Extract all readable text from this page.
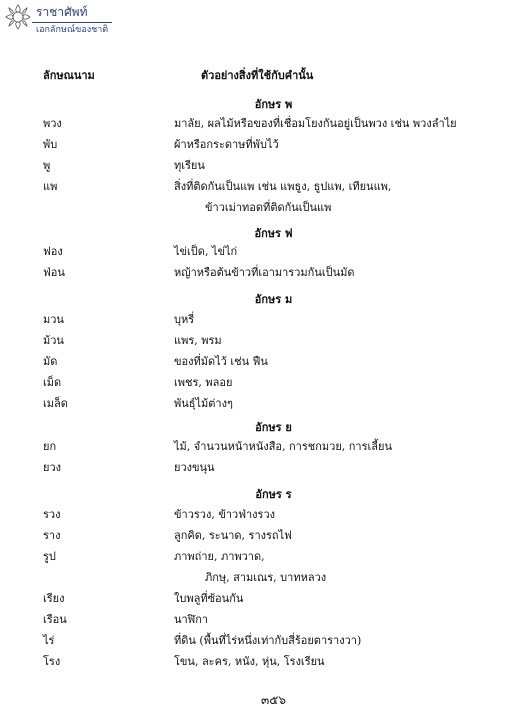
ราชาศัพท์
เอกลักษณ์ของชาติ
ลักษณนาม	ตัวอย่างสิ่งที่ใช้กับคำนั้น
อักษร พ
พวง	มาลัย, ผลไม้หรือของที่เชื่อมโยงกันอยู่เป็นพวง เช่น พวงลำไย
พับ	ผ้าหรือกระดาษที่พับไว้
พู	ทุเรียน
แพ	สิ่งที่ติดกันเป็นแพ เช่น แพธูง, ธูปแพ, เทียนแพ,
ข้าวเม่าทอดที่ติดกันเป็นแพ
อักษร ฟ
ฟอง	ไข่เป็ด, ไข่ไก่
ฟ่อน	หญ้าหรือต้นข้าวที่เอามารวมกันเป็นมัด
อักษร ม
มวน	บุหรี่
ม้วน	แพร, พรม
มัด	ของที่มัดไว้ เช่น ฟืน
เม็ด	เพชร, พลอย
เมล็ด	พันธุ์ไม้ต่างๆ
อักษร ย
ยก	ไม้, จำนวนหน้าหนังสือ, การชกมวย, การเลี้ยน
ยวง	ยวงขนุน
อักษร ร
รวง	ข้าวรวง, ข้าวฟ่างรวง
ราง	ลูกคิด, ระนาด, รางรถไฟ
รูป	ภาพถ่าย, ภาพวาด,
ภิกษุ, สามเณร, บาทหลวง
เรียง	ใบพลูที่ซ้อนกัน
เรือน	นาฬิกา
ไร่	ที่ดิน (พื้นที่ไร่หนึ่งเท่ากับสี่ร้อยตารางวา)
โรง	โขน, ละคร, หนัง, หุ่น, โรงเรียน
๓๕๖
